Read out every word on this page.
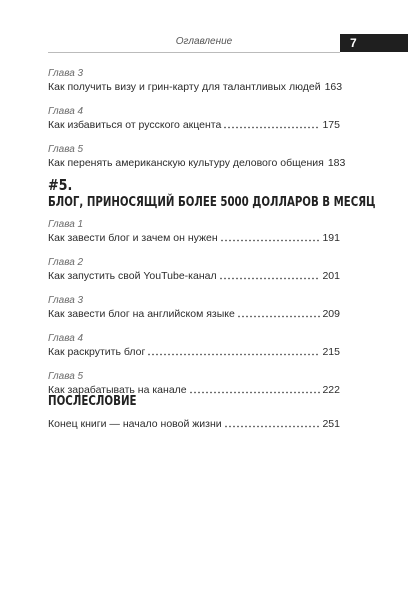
Оглавление	7
Глава 3
Как получить визу и грин-карту для талантливых людей 163
Глава 4
Как избавиться от русского акцента	175
Глава 5
Как перенять американскую культуру делового общения 183
#5.
БЛОГ, ПРИНОСЯЩИЙ БОЛЕЕ 5000 ДОЛЛАРОВ В МЕСЯЦ
Глава 1
Как завести блог и зачем он нужен	191
Глава 2
Как запустить свой YouTube-канал	201
Глава 3
Как завести блог на английском языке	209
Глава 4
Как раскрутить блог	215
Глава 5
Как зарабатывать на канале	222
ПОСЛЕСЛОВИЕ
Конец книги — начало новой жизни	251
